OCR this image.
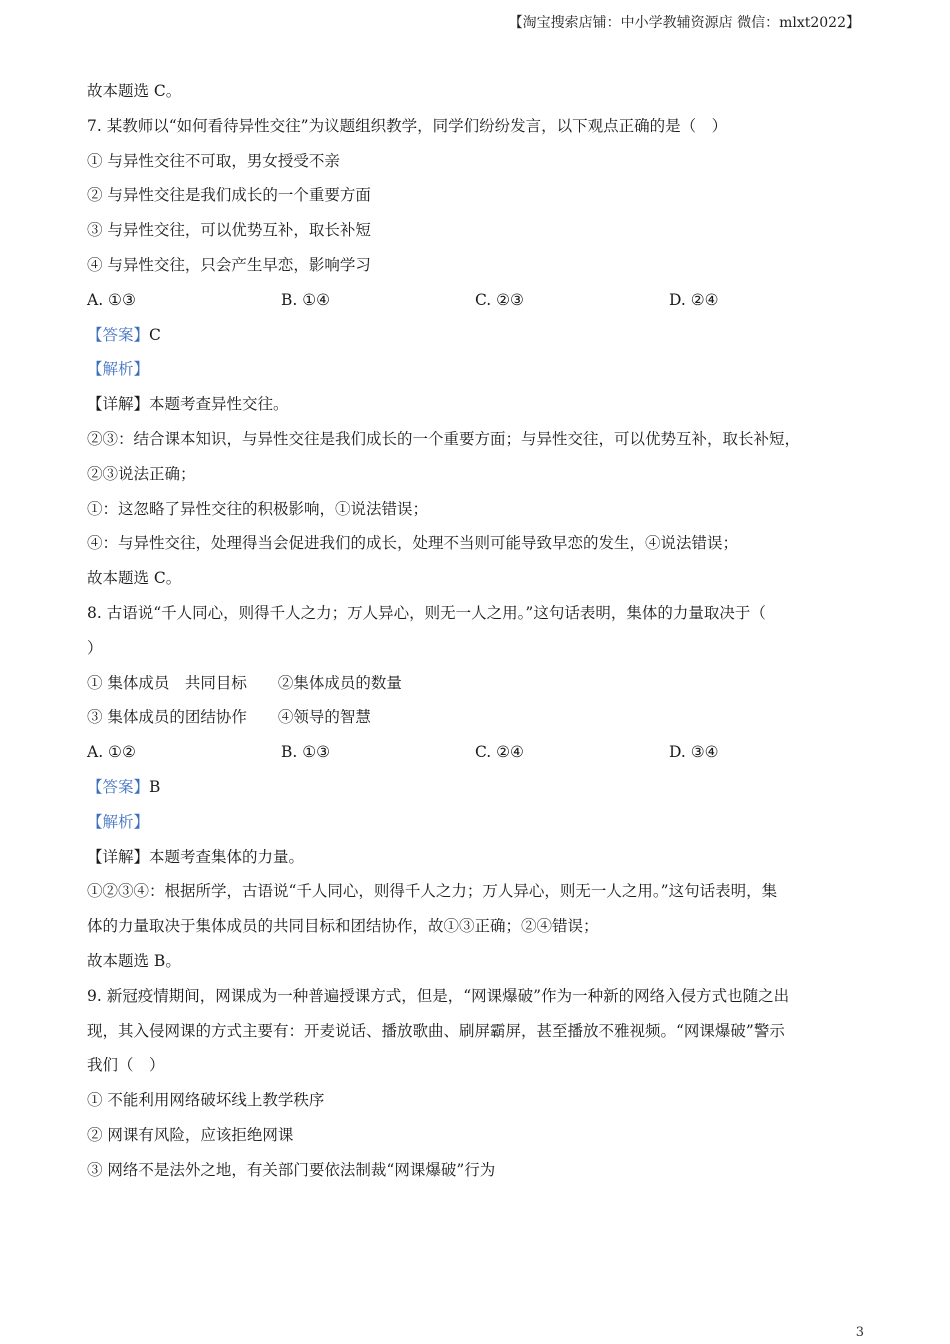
【淘宝搜索店铺：中小学教辅资源店 微信：mlxt2022】
故本题选 C。
7. 某教师以“如何看待异性交往”为议题组织教学，同学们纷纷发言，以下观点正确的是（　）
① 与异性交往不可取，男女授受不亲
② 与异性交往是我们成长的一个重要方面
③ 与异性交往，可以优势互补，取长补短
④ 与异性交往，只会产生早恋，影响学习
A. ①③	B. ①④	C. ②③	D. ②④
【答案】C
【解析】
【详解】本题考查异性交往。
②③：结合课本知识，与异性交往是我们成长的一个重要方面；与异性交往，可以优势互补，取长补短，
②③说法正确；
①：这忽略了异性交往的积极影响，①说法错误；
④：与异性交往，处理得当会促进我们的成长，处理不当则可能导致早恋的发生，④说法错误；
故本题选 C。
8. 古语说“千人同心，则得千人之力；万人异心，则无一人之用。”这句话表明，集体的力量取决于（
）
① 集体成员　共同目标　　②集体成员的数量
③ 集体成员的团结协作　　④领导的智慧
A. ①②	B. ①③	C. ②④	D. ③④
【答案】B
【解析】
【详解】本题考查集体的力量。
①②③④：根据所学，古语说“千人同心，则得千人之力；万人异心，则无一人之用。”这句话表明，集
体的力量取决于集体成员的共同目标和团结协作，故①③正确；②④错误；
故本题选 B。
9. 新冠疫情期间，网课成为一种普遍授课方式，但是，“网课爆破”作为一种新的网络入侵方式也随之出
现，其入侵网课的方式主要有：开麦说话、播放歌曲、刷屏霸屏，甚至播放不雅视频。“网课爆破”警示
我们（　）
① 不能利用网络破坏线上教学秩序
② 网课有风险，应该拒绝网课
③ 网络不是法外之地，有关部门要依法制裁“网课爆破”行为
3
